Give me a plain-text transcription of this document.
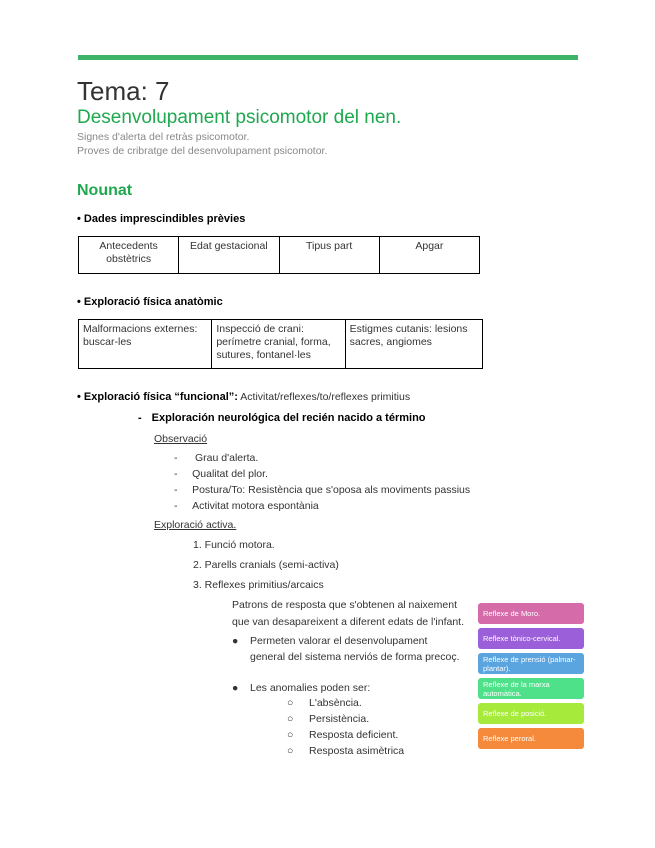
Tema: 7
Desenvolupament psicomotor del nen.
Signes d'alerta del retràs psicomotor.
Proves de cribratge del desenvolupament psicomotor.
Nounat
• Dades imprescindibles prèvies
Antecedents obstètrics	Edat gestacional	Tipus part	Apgar
• Exploració física anatòmic
Malformacions externes: buscar-les	Inspecció de crani: perímetre cranial, forma, sutures, fontanel·les	Estigmes cutanis: lesions sacres, angiomes
• Exploració física “funcional”: Activitat/reflexes/to/reflexes primitius
- Exploración neurológica del recién nacido a término
Observació
-      Grau d'alerta.
-     Qualitat del plor.
-     Postura/To: Resistència que s'oposa als moviments passius
-     Activitat motora espontània
Exploració activa.
1. Funció motora.
2. Parells cranials (semi-activa)
3. Reflexes primitius/arcaics
Patrons de resposta que s'obtenen al naixement
que van desapareixent a diferent edats de l'infant.
● Permeten valorar el desenvolupament general del sistema nerviós de forma precoç.
● Les anomalies poden ser:
○ L'absència.
○ Persistència.
○ Resposta deficient.
○ Resposta asimètrica
Reflexe de Moro.
Reflexe tònico-cervical.
Reflexe de prensió (palmar-plantar).
Reflexe de la marxa automàtica.
Reflexe de posició.
Reflexe peroral.
